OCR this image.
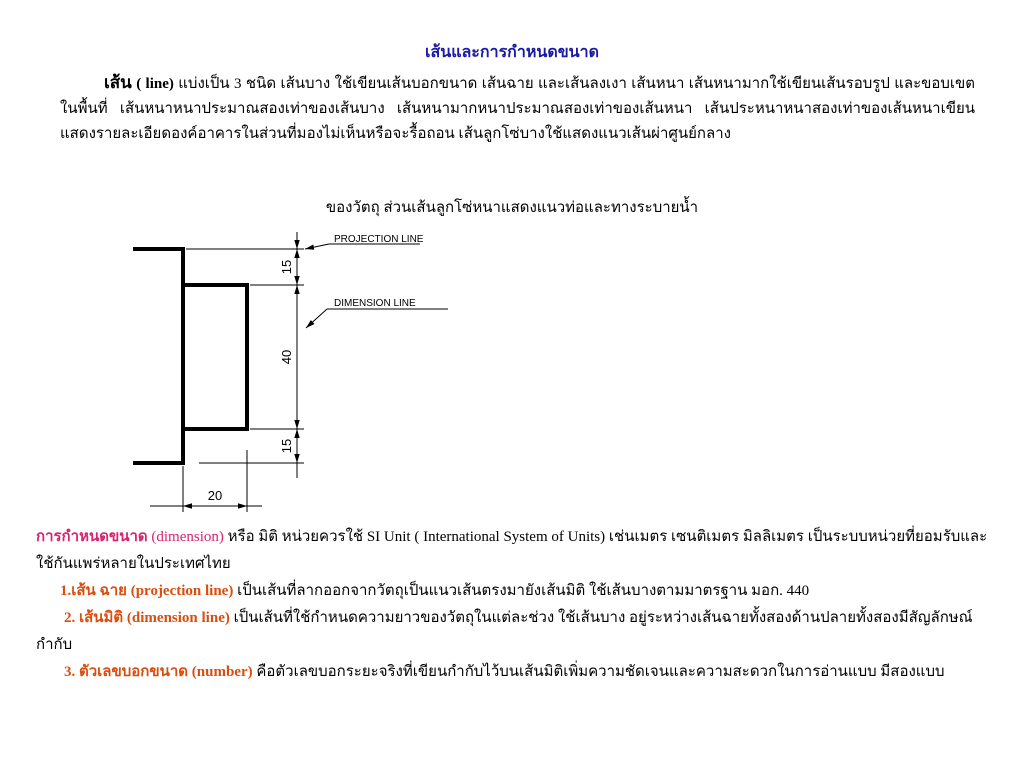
เส้นและการกำหนดขนาด
เส้น ( line) แบ่งเป็น 3 ชนิด เส้นบาง ใช้เขียนเส้นบอกขนาด เส้นฉาย และเส้นลงเงา เส้นหนา เส้นหนามากใช้เขียนเส้นรอบรูป และขอบเขตในพื้นที่ เส้นหนาหนาประมาณสองเท่าของเส้นบาง เส้นหนามากหนาประมาณสองเท่าของเส้นหนา เส้นประหนาหนาสองเท่าของเส้นหนาเขียนแสดงรายละเอียดองค์อาคารในส่วนที่มองไม่เห็นหรือจะรื้อถอน เส้นลูกโซ่บางใช้แสดงแนวเส้นผ่าศูนย์กลาง
ของวัตถุ ส่วนเส้นลูกโซ่หนาแสดงแนวท่อและทางระบายน้ำ
15
40
15
20
PROJECTION LINE
DIMENSION LINE

การกำหนดขนาด (dimension) หรือ มิติ หน่วยควรใช้ SI Unit ( International System of Units) เช่นเมตร เซนติเมตร มิลลิเมตร เป็นระบบหน่วยที่ยอมรับและใช้กันแพร่หลายในประเทศไทย

1.เส้น ฉาย (projection line) เป็นเส้นที่ลากออกจากวัตถุเป็นแนวเส้นตรงมายังเส้นมิติ ใช้เส้นบางตามมาตรฐาน มอก. 440

2. เส้นมิติ (dimension line) เป็นเส้นที่ใช้กำหนดความยาวของวัตถุในแต่ละช่วง ใช้เส้นบาง อยู่ระหว่างเส้นฉายทั้งสองด้านปลายทั้งสองมีสัญลักษณ์กำกับ

3. ตัวเลขบอกขนาด (number) คือตัวเลขบอกระยะจริงที่เขียนกำกับไว้บนเส้นมิติเพิ่มความชัดเจนและความสะดวกในการอ่านแบบ มีสองแบบ
